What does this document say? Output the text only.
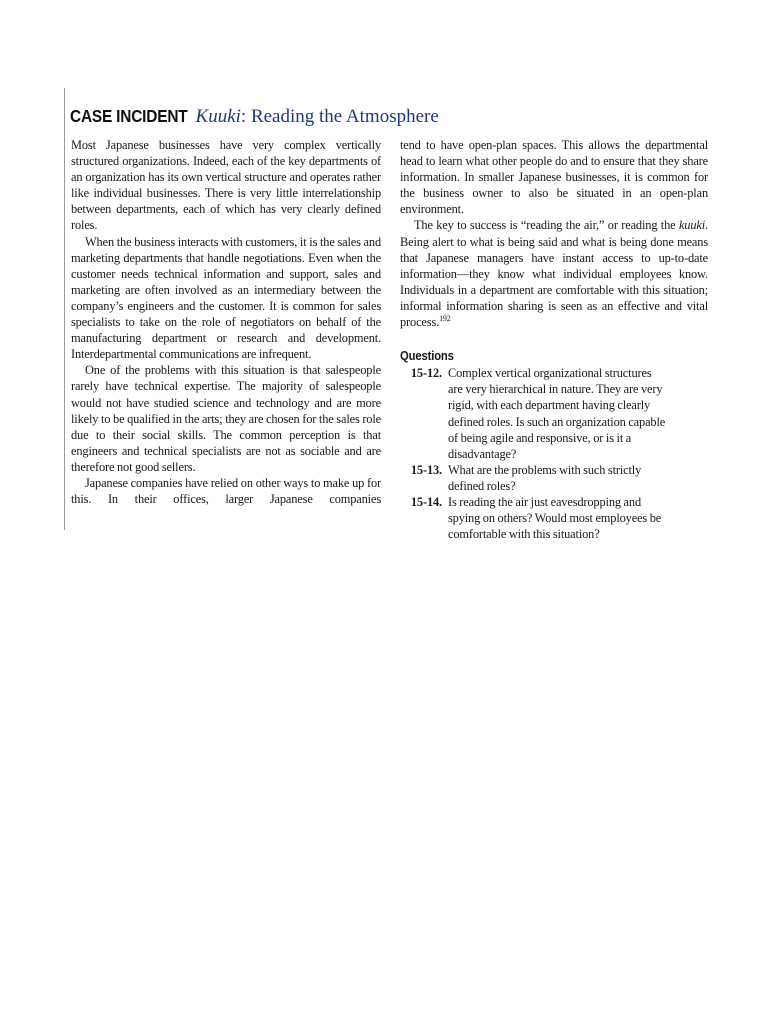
CASE INCIDENT Kuuki: Reading the Atmosphere

Most Japanese businesses have very complex vertically structured organizations. Indeed, each of the key departments of an organization has its own vertical structure and operates rather like individual businesses. There is very little interrelationship between departments, each of which has very clearly defined roles.

When the business interacts with customers, it is the sales and marketing departments that handle negotiations. Even when the customer needs technical information and support, sales and marketing are often involved as an intermediary between the company’s engineers and the customer. It is common for sales specialists to take on the role of negotiators on behalf of the manufacturing department or research and development. Interdepartmental communications are infrequent.

One of the problems with this situation is that salespeople rarely have technical expertise. The majority of salespeople would not have studied science and technology and are more likely to be qualified in the arts; they are chosen for the sales role due to their social skills. The common perception is that engineers and technical specialists are not as sociable and are therefore not good sellers.

Japanese companies have relied on other ways to make up for this. In their offices, larger Japanese companies

tend to have open-plan spaces. This allows the departmental head to learn what other people do and to ensure that they share information. In smaller Japanese businesses, it is common for the business owner to also be situated in an open-plan environment.

The key to success is “reading the air,” or reading the kuuki. Being alert to what is being said and what is being done means that Japanese managers have instant access to up-to-date information—they know what individual employees know. Individuals in a department are comfortable with this situation; informal information sharing is seen as an effective and vital process.$^{192}$

Questions
15-12. Complex vertical organizational structures are very hierarchical in nature. They are very rigid, with each department having clearly defined roles. Is such an organization capable of being agile and responsive, or is it a disadvantage?
15-13. What are the problems with such strictly defined roles?
15-14. Is reading the air just eavesdropping and spying on others? Would most employees be comfortable with this situation?
